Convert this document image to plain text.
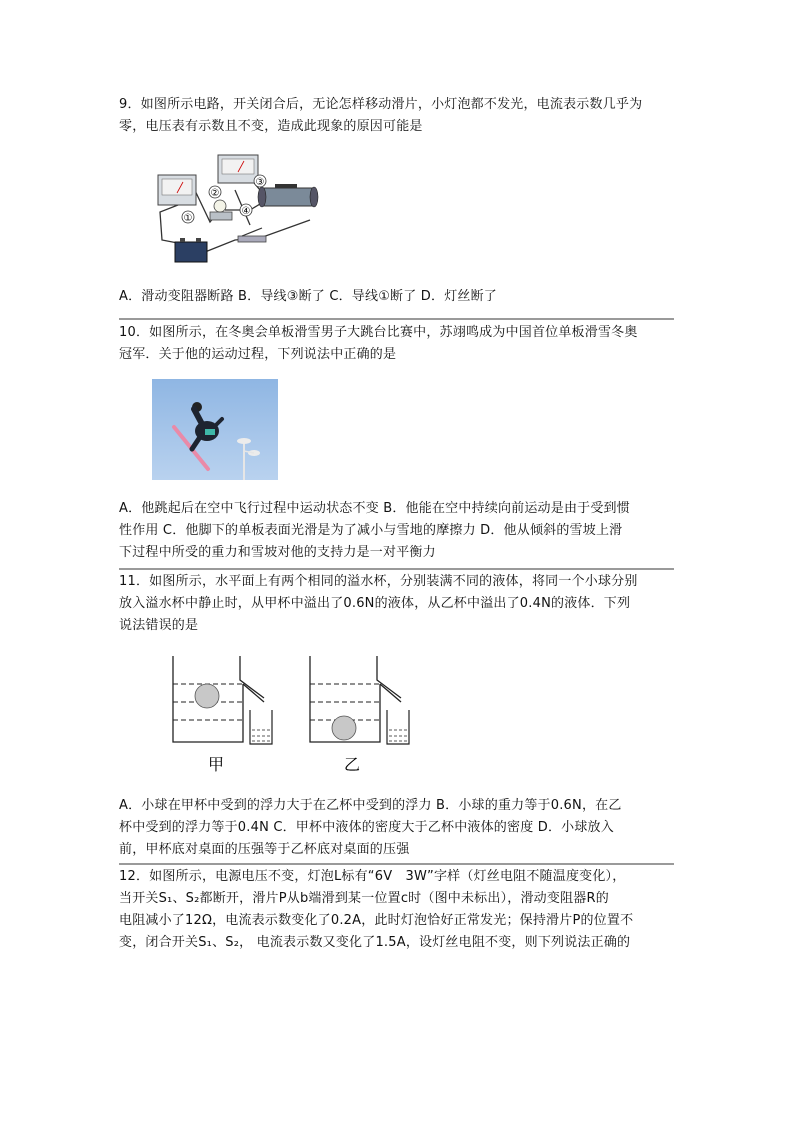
9．如图所示电路，开关闭合后，无论怎样移动滑片，小灯泡都不发光，电流表示数几乎为
零，电压表有示数且不变，造成此现象的原因可能是
①
②
③
④
A．滑动变阻器断路 B．导线③断了 C．导线①断了 D．灯丝断了
10．如图所示，在冬奥会单板滑雪男子大跳台比赛中，苏翊鸣成为中国首位单板滑雪冬奥
冠军．关于他的运动过程，下列说法中正确的是
A．他跳起后在空中飞行过程中运动状态不变 B．他能在空中持续向前运动是由于受到惯
性作用 C．他脚下的单板表面光滑是为了减小与雪地的摩擦力 D．他从倾斜的雪坡上滑
下过程中所受的重力和雪坡对他的支持力是一对平衡力
11．如图所示，水平面上有两个相同的溢水杯，分别装满不同的液体，将同一个小球分别
放入溢水杯中静止时，从甲杯中溢出了0.6N的液体，从乙杯中溢出了0.4N的液体．下列
说法错误的是
甲	乙
A．小球在甲杯中受到的浮力大于在乙杯中受到的浮力 B．小球的重力等于0.6N，在乙
杯中受到的浮力等于0.4N C．甲杯中液体的密度大于乙杯中液体的密度 D．小球放入
前，甲杯底对桌面的压强等于乙杯底对桌面的压强
12．如图所示，电源电压不变，灯泡L标有“6V　3W”字样（灯丝电阻不随温度变化），
当开关S₁、S₂都断开，滑片P从b端滑到某一位置c时（图中未标出），滑动变阻器R的
电阻减小了12Ω，电流表示数变化了0.2A，此时灯泡恰好正常发光；保持滑片P的位置不
变，闭合开关S₁、S₂， 电流表示数又变化了1.5A，设灯丝电阻不变，则下列说法正确的
